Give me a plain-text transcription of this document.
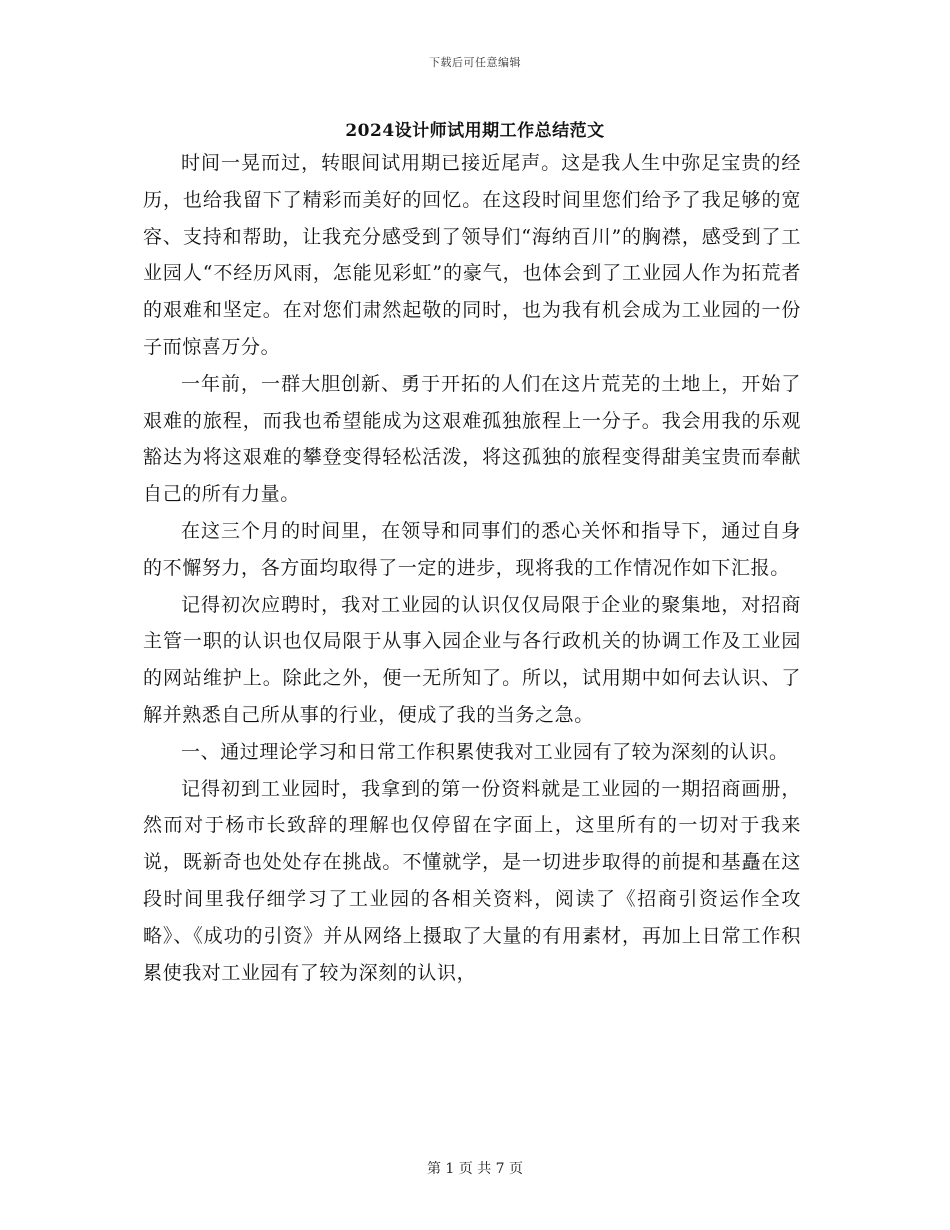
下载后可任意编辑
2024设计师试用期工作总结范文

时间一晃而过，转眼间试用期已接近尾声。这是我人生中弥足宝贵的经历，也给我留下了精彩而美好的回忆。在这段时间里您们给予了我足够的宽容、支持和帮助，让我充分感受到了领导们“海纳百川”的胸襟，感受到了工业园人“不经历风雨，怎能见彩虹”的豪气，也体会到了工业园人作为拓荒者的艰难和坚定。在对您们肃然起敬的同时，也为我有机会成为工业园的一份子而惊喜万分。

一年前，一群大胆创新、勇于开拓的人们在这片荒芜的土地上，开始了艰难的旅程，而我也希望能成为这艰难孤独旅程上一分子。我会用我的乐观豁达为将这艰难的攀登变得轻松活泼，将这孤独的旅程变得甜美宝贵而奉献自己的所有力量。

在这三个月的时间里，在领导和同事们的悉心关怀和指导下，通过自身的不懈努力，各方面均取得了一定的进步，现将我的工作情况作如下汇报。

记得初次应聘时，我对工业园的认识仅仅局限于企业的聚集地，对招商主管一职的认识也仅局限于从事入园企业与各行政机关的协调工作及工业园的网站维护上。除此之外，便一无所知了。所以，试用期中如何去认识、了解并熟悉自己所从事的行业，便成了我的当务之急。

一、通过理论学习和日常工作积累使我对工业园有了较为深刻的认识。

记得初到工业园时，我拿到的第一份资料就是工业园的一期招商画册，然而对于杨市长致辞的理解也仅停留在字面上，这里所有的一切对于我来说，既新奇也处处存在挑战。不懂就学，是一切进步取得的前提和基矗在这段时间里我仔细学习了工业园的各相关资料，阅读了《招商引资运作全攻略》、《成功的引资》并从网络上摄取了大量的有用素材，再加上日常工作积累使我对工业园有了较为深刻的认识，

第 1 页 共 7 页
